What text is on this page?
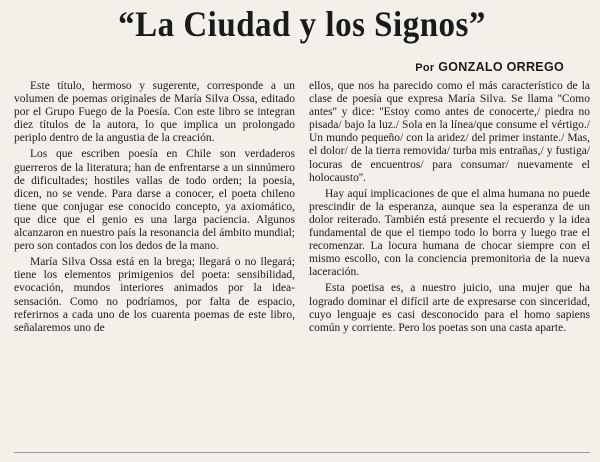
“La Ciudad y los Signos”
Por GONZALO ORREGO

Este título, hermoso y sugerente, corresponde a un volumen de poemas originales de María Silva Ossa, editado por el Grupo Fuego de la Poesía. Con este libro se integran diez títulos de la autora, lo que implica un prolongado periplo dentro de la angustia de la creación.

Los que escriben poesía en Chile son verdaderos guerreros de la literatura; han de enfrentarse a un sinnúmero de dificultades; hostiles vallas de todo orden; la poesía, dicen, no se vende. Para darse a conocer, el poeta chileno tiene que conjugar ese conocido concepto, ya axiomático, que dice que el genio es una larga paciencia. Algunos alcanzaron en nuestro país la resonancia del ámbito mundial; pero son contados con los dedos de la mano.

María Silva Ossa está en la brega; llegará o no llegará; tiene los elementos primigenios del poeta: sensibilidad, evocación, mundos interiores animados por la idea-sensación. Como no podríamos, por falta de espacio, referirnos a cada uno de los cuarenta poemas de este libro, señalaremos uno de

ellos, que nos ha parecido como el más característico de la clase de poesía que expresa María Silva. Se llama ''Como antes'' y dice: ''Estoy como antes de conocerte,/ piedra no pisada/ bajo la luz./ Sola en la línea/que consume el vértigo./ Un mundo pequeño/ con la aridez/ del primer instante./ Mas, el dolor/ de la tierra removida/ turba mis entrañas,/ y fustiga/ locuras de encuentros/ para consumar/ nuevamente el holocausto''.

Hay aquí implicaciones de que el alma humana no puede prescindir de la esperanza, aunque sea la esperanza de un dolor reiterado. También está presente el recuerdo y la idea fundamental de que el tiempo todo lo borra y luego trae el recomenzar. La locura humana de chocar siempre con el mismo escollo, con la conciencia premonitoria de la nueva laceración.

Esta poetisa es, a nuestro juicio, una mujer que ha logrado dominar el difícil arte de expresarse con sinceridad, cuyo lenguaje es casi desconocido para el homo sapiens común y corriente. Pero los poetas son una casta aparte.
